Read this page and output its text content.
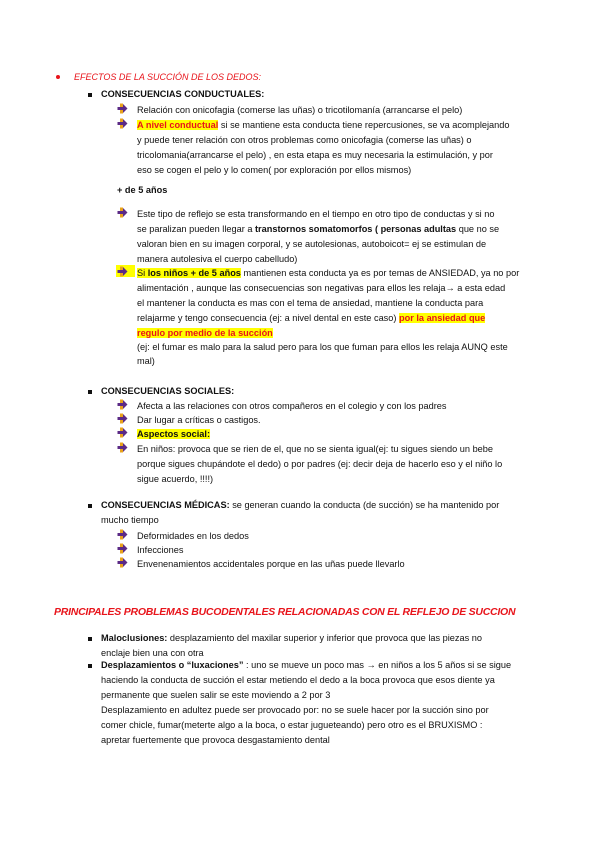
EFECTOS DE LA SUCCIÓN DE LOS DEDOS:
CONSECUENCIAS CONDUCTUALES:
Relación con onicofagia (comerse las uñas) o tricotilomanía (arrancarse el pelo)
A nivel conductual si se mantiene esta conducta tiene repercusiones, se va acomplejando
y puede tener relación con otros problemas como onicofagia (comerse las uñas) o
tricolomania(arrancarse el pelo) , en esta etapa es muy necesaria la estimulación, y por
eso se cogen el pelo y lo comen( por exploración por ellos mismos)
+ de 5 años
Este tipo de reflejo se esta transformando en el tiempo en otro tipo de conductas y si no
se paralizan pueden llegar a transtornos somatomorfos ( personas adultas que no se
valoran bien en su imagen corporal, y se autolesionas, autoboicot= ej se estimulan de
manera autolesiva el cuerpo cabelludo)
Si los niños + de 5 años mantienen esta conducta ya es por temas de ANSIEDAD, ya no por
alimentación , aunque las consecuencias son negativas para ellos les relaja→ a esta edad
el mantener la conducta es mas con el tema de ansiedad, mantiene la conducta para
relajarme y tengo consecuencia (ej: a nivel dental en este caso) por la ansiedad que
regulo por medio de la succión
(ej: el fumar es malo para la salud pero para los que fuman para ellos les relaja AUNQ este
mal)
CONSECUENCIAS SOCIALES:
Afecta a las relaciones con otros compañeros en el colegio y con los padres
Dar lugar a críticas o castigos.
Aspectos social:
En niños: provoca que se rien de el, que no se sienta igual(ej: tu sigues siendo un bebe
porque sigues chupándote el dedo) o por padres (ej: decir deja de hacerlo eso y el niño lo
sigue acuerdo, !!!!)
CONSECUENCIAS MÉDICAS: se generan cuando la conducta (de succión) se ha mantenido por
mucho tiempo
Deformidades en los dedos
Infecciones
Envenenamientos accidentales porque en las uñas puede llevarlo
PRINCIPALES PROBLEMAS BUCODENTALES RELACIONADAS CON EL REFLEJO DE SUCCION
Maloclusiones: desplazamiento del maxilar superior y inferior que provoca que las piezas no
enclaje bien una con otra
Desplazamientos o “luxaciones” : uno se mueve un poco mas → en niños a los 5 años si se sigue
haciendo la conducta de succión el estar metiendo el dedo a la boca provoca que esos diente ya
permanente que suelen salir se este moviendo a 2 por 3
Desplazamiento en adultez puede ser provocado por: no se suele hacer por la succión sino por
comer chicle, fumar(meterte algo a la boca, o estar jugueteando) pero otro es el BRUXISMO :
apretar fuertemente que provoca desgastamiento dental
